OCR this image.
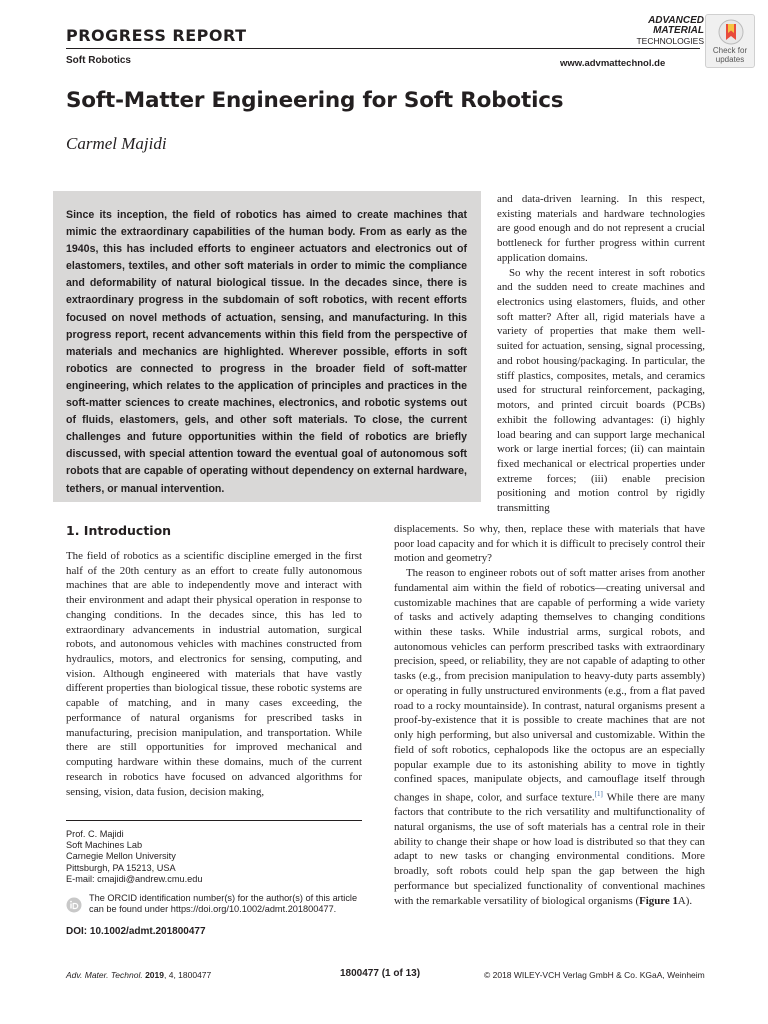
PROGRESS REPORT
Soft Robotics	www.advmattechnol.de
ADVANCED
MATERIAL
TECHNOLOGIES
Check for updates
Soft-Matter Engineering for Soft Robotics
Carmel Majidi

Since its inception, the field of robotics has aimed to create machines that mimic the extraordinary capabilities of the human body. From as early as the 1940s, this has included efforts to engineer actuators and electronics out of elastomers, textiles, and other soft materials in order to mimic the compliance and deformability of natural biological tissue. In the decades since, there is extraordinary progress in the subdomain of soft robotics, with recent efforts focused on novel methods of actuation, sensing, and manufacturing. In this progress report, recent advancements within this field from the perspective of materials and mechanics are highlighted. Wherever possible, efforts in soft robotics are connected to progress in the broader field of soft-matter engineering, which relates to the application of principles and practices in the soft-matter sciences to create machines, electronics, and robotic systems out of fluids, elastomers, gels, and other soft materials. To close, the current challenges and future opportunities within the field of robotics are briefly discussed, with special attention toward the eventual goal of autonomous soft robots that are capable of operating without dependency on external hardware, tethers, or manual intervention.

1. Introduction

The field of robotics as a scientific discipline emerged in the first half of the 20th century as an effort to create fully autonomous machines that are able to independently move and interact with their environment and adapt their physical operation in response to changing conditions. In the decades since, this has led to extraordinary advancements in industrial automation, surgical robots, and autonomous vehicles with machines constructed from hydraulics, motors, and electronics for sensing, computing, and vision. Although engineered with materials that have vastly different properties than biological tissue, these robotic systems are capable of matching, and in many cases exceeding, the performance of natural organisms for prescribed tasks in manufacturing, precision manipulation, and transportation. While there are still opportunities for improved mechanical and computing hardware within these domains, much of the current research in robotics have focused on advanced algorithms for sensing, vision, data fusion, decision making,

and data-driven learning. In this respect, existing materials and hardware technologies are good enough and do not represent a crucial bottleneck for further progress within current application domains.

So why the recent interest in soft robotics and the sudden need to create machines and electronics using elastomers, fluids, and other soft matter? After all, rigid materials have a variety of properties that make them well-suited for actuation, sensing, signal processing, and robot housing/packaging. In particular, the stiff plastics, composites, metals, and ceramics used for structural reinforcement, packaging, motors, and printed circuit boards (PCBs) exhibit the following advantages: (i) highly load bearing and can support large mechanical work or large inertial forces; (ii) can maintain fixed mechanical or electrical properties under extreme forces; (iii) enable precision positioning and motion control by rigidly transmitting

displacements. So why, then, replace these with materials that have poor load capacity and for which it is difficult to precisely control their motion and geometry?

The reason to engineer robots out of soft matter arises from another fundamental aim within the field of robotics—creating universal and customizable machines that are capable of performing a wide variety of tasks and actively adapting themselves to changing conditions within these tasks. While industrial arms, surgical robots, and autonomous vehicles can perform prescribed tasks with extraordinary precision, speed, or reliability, they are not capable of adapting to other tasks (e.g., from precision manipulation to heavy-duty parts assembly) or operating in fully unstructured environments (e.g., from a flat paved road to a rocky mountainside). In contrast, natural organisms present a proof-by-existence that it is possible to create machines that are not only high performing, but also universal and customizable. Within the field of soft robotics, cephalopods like the octopus are an especially popular example due to its astonishing ability to move in tightly confined spaces, manipulate objects, and camouflage itself through changes in shape, color, and surface texture.[1] While there are many factors that contribute to the rich versatility and multifunctionality of natural organisms, the use of soft materials has a central role in their ability to change their shape or how load is distributed so that they can adapt to new tasks or changing environmental conditions. More broadly, soft robots could help span the gap between the high performance but specialized functionality of conventional machines with the remarkable versatility of biological organisms (Figure 1A).

Prof. C. Majidi
Soft Machines Lab
Carnegie Mellon University
Pittsburgh, PA 15213, USA
E-mail: cmajidi@andrew.cmu.edu
The ORCID identification number(s) for the author(s) of this article can be found under https://doi.org/10.1002/admt.201800477.
DOI: 10.1002/admt.201800477
Adv. Mater. Technol. 2019, 4, 1800477	1800477 (1 of 13)	© 2018 WILEY-VCH Verlag GmbH & Co. KGaA, Weinheim
